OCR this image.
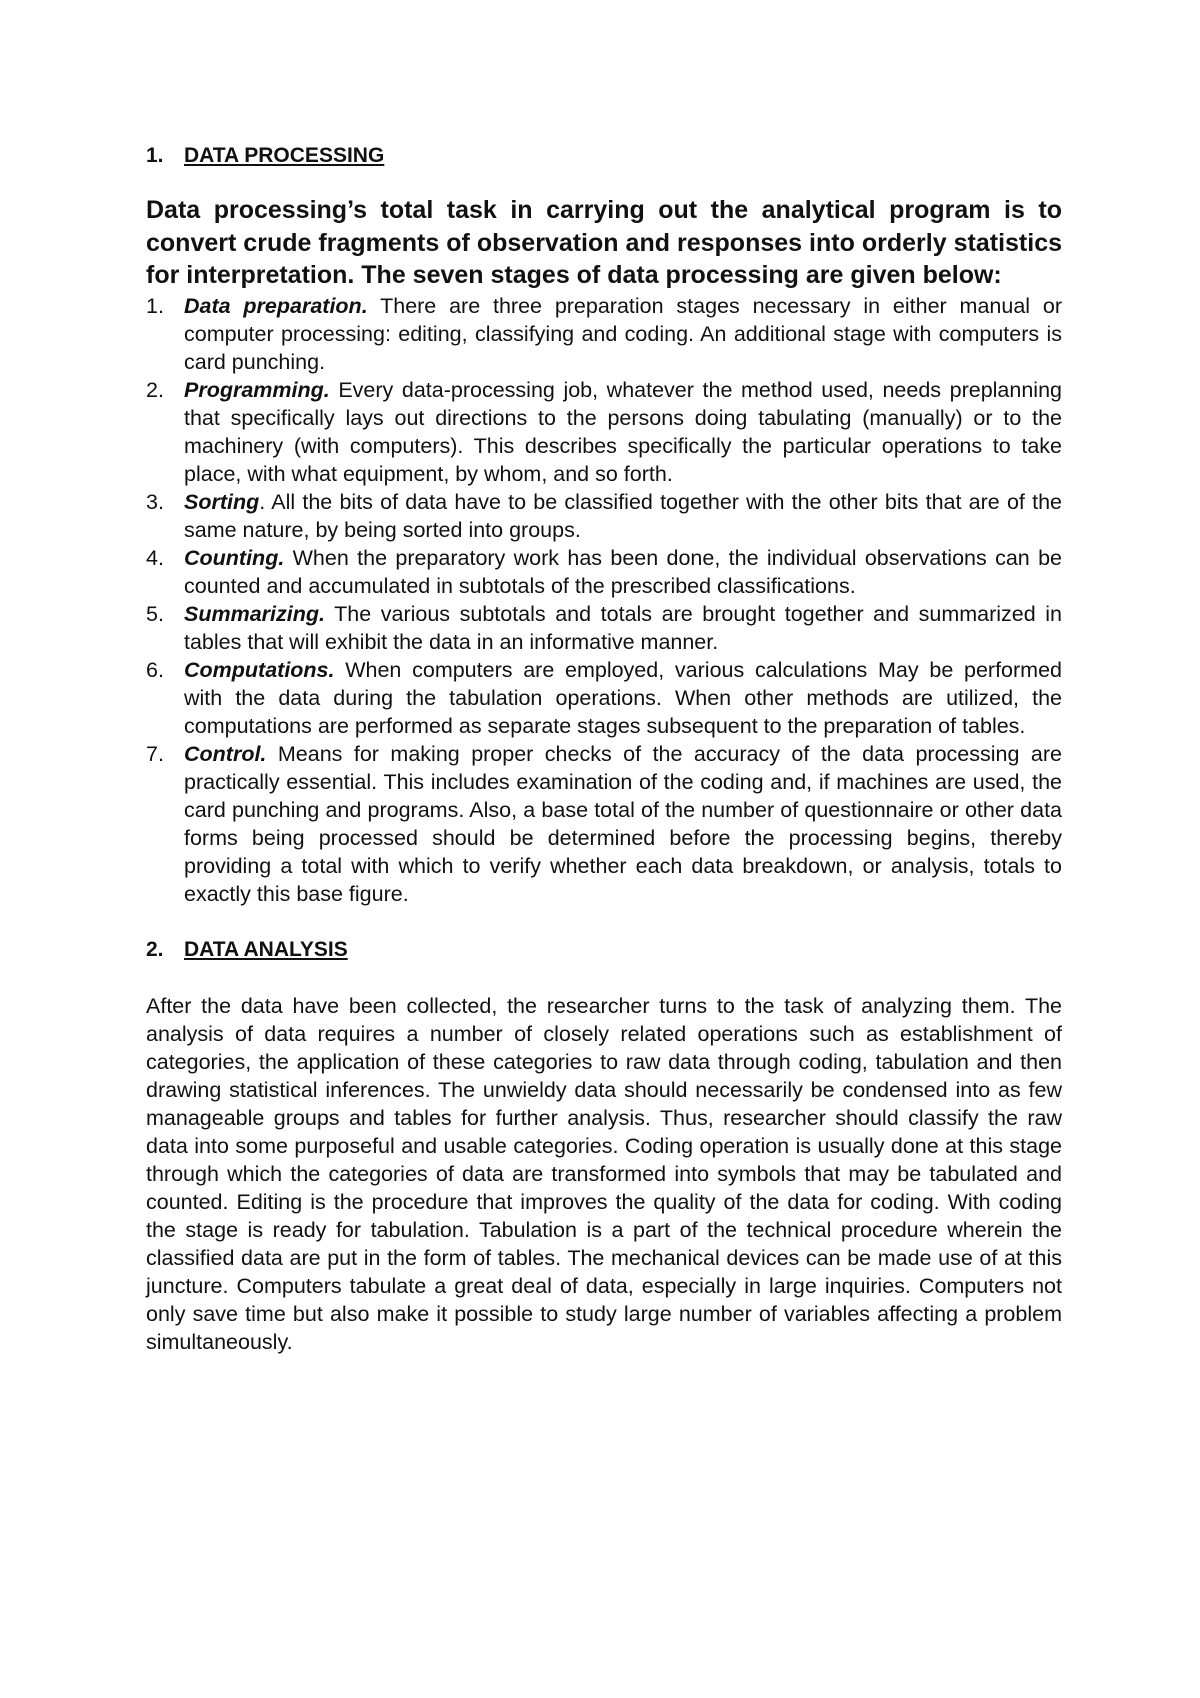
1. DATA PROCESSING

Data processing’s total task in carrying out the analytical program is to convert crude fragments of observation and responses into orderly statistics for interpretation. The seven stages of data processing are given below:

1. Data preparation. There are three preparation stages necessary in either manual or computer processing: editing, classifying and coding. An additional stage with computers is card punching.
2. Programming. Every data-processing job, whatever the method used, needs preplanning that specifically lays out directions to the persons doing tabulating (manually) or to the machinery (with computers). This describes specifically the particular operations to take place, with what equipment, by whom, and so forth.
3. Sorting. All the bits of data have to be classified together with the other bits that are of the same nature, by being sorted into groups.
4. Counting. When the preparatory work has been done, the individual observations can be counted and accumulated in subtotals of the prescribed classifications.
5. Summarizing. The various subtotals and totals are brought together and summarized in tables that will exhibit the data in an informative manner.
6. Computations. When computers are employed, various calculations May be performed with the data during the tabulation operations. When other methods are utilized, the computations are performed as separate stages subsequent to the preparation of tables.
7. Control. Means for making proper checks of the accuracy of the data processing are practically essential. This includes examination of the coding and, if machines are used, the card punching and programs. Also, a base total of the number of questionnaire or other data forms being processed should be determined before the processing begins, thereby providing a total with which to verify whether each data breakdown, or analysis, totals to exactly this base figure.
2. DATA ANALYSIS

After the data have been collected, the researcher turns to the task of analyzing them. The analysis of data requires a number of closely related operations such as establishment of categories, the application of these categories to raw data through coding, tabulation and then drawing statistical inferences. The unwieldy data should necessarily be condensed into as few manageable groups and tables for further analysis. Thus, researcher should classify the raw data into some purposeful and usable categories. Coding operation is usually done at this stage through which the categories of data are transformed into symbols that may be tabulated and counted. Editing is the procedure that improves the quality of the data for coding. With coding the stage is ready for tabulation. Tabulation is a part of the technical procedure wherein the classified data are put in the form of tables. The mechanical devices can be made use of at this juncture. Computers tabulate a great deal of data, especially in large inquiries. Computers not only save time but also make it possible to study large number of variables affecting a problem simultaneously.
